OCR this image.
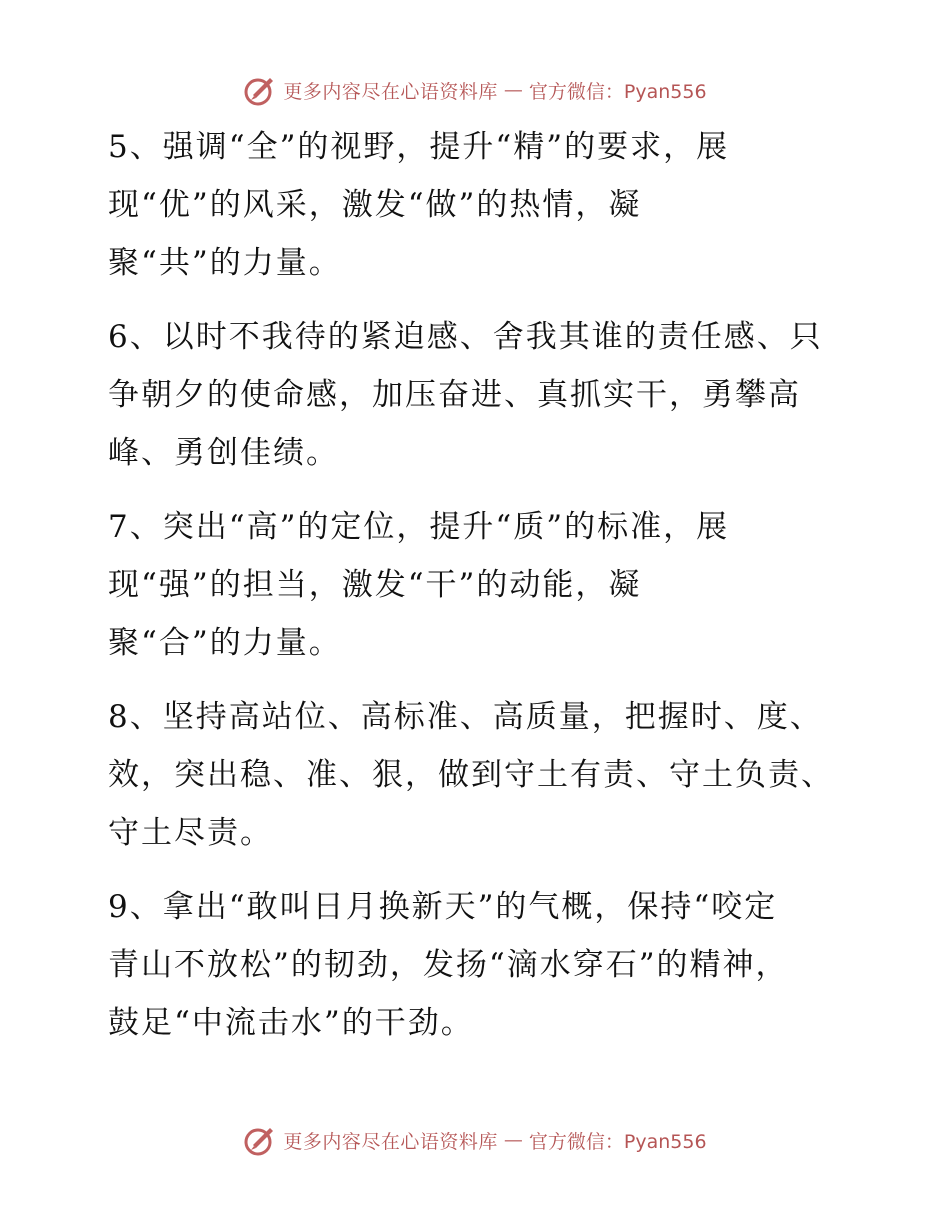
更多内容尽在心语资料库 — 官方微信：Pyan556

5、强调“全”的视野，提升“精”的要求，展
现“优”的风采，激发“做”的热情，凝
聚“共”的力量。

6、以时不我待的紧迫感、舍我其谁的责任感、只
争朝夕的使命感，加压奋进、真抓实干，勇攀高
峰、勇创佳绩。

7、突出“高”的定位，提升“质”的标准，展
现“强”的担当，激发“干”的动能，凝
聚“合”的力量。

8、坚持高站位、高标准、高质量，把握时、度、
效，突出稳、准、狠，做到守土有责、守土负责、
守土尽责。

9、拿出“敢叫日月换新天”的气概，保持“咬定
青山不放松”的韧劲，发扬“滴水穿石”的精神，
鼓足“中流击水”的干劲。

更多内容尽在心语资料库 — 官方微信：Pyan556
